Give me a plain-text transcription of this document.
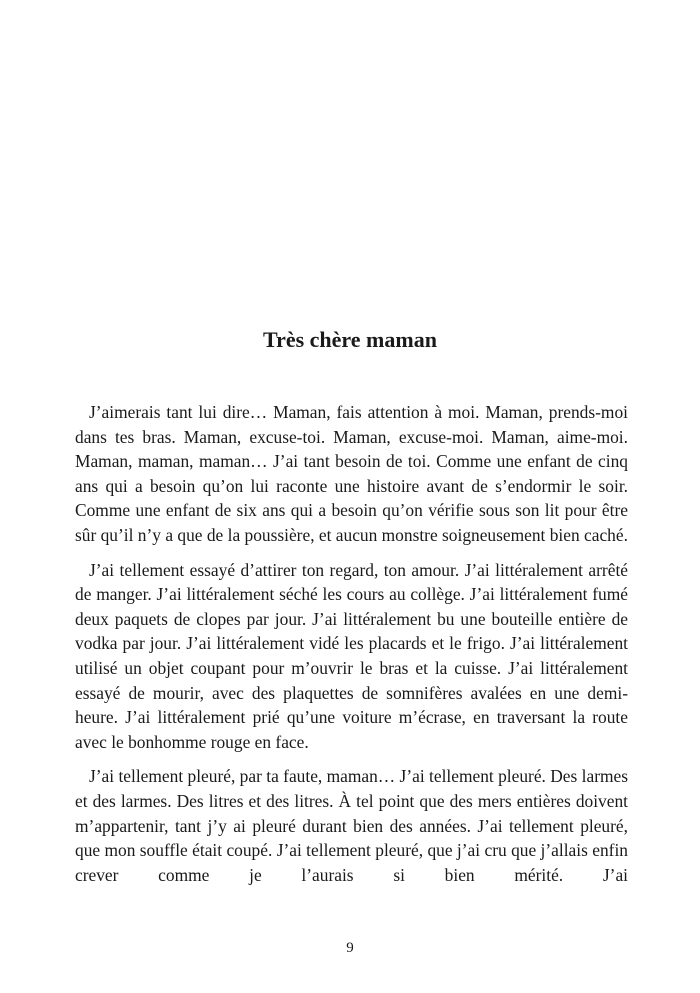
Très chère maman

J’aimerais tant lui dire… Maman, fais attention à moi. Maman, prends-moi dans tes bras. Maman, excuse-toi. Maman, excuse-moi. Maman, aime-moi. Maman, maman, maman… J’ai tant besoin de toi. Comme une enfant de cinq ans qui a besoin qu’on lui raconte une histoire avant de s’endormir le soir. Comme une enfant de six ans qui a besoin qu’on vérifie sous son lit pour être sûr qu’il n’y a que de la poussière, et aucun monstre soigneusement bien caché.

J’ai tellement essayé d’attirer ton regard, ton amour. J’ai littéralement arrêté de manger. J’ai littéralement séché les cours au collège. J’ai littéralement fumé deux paquets de clopes par jour. J’ai littéralement bu une bouteille entière de vodka par jour. J’ai littéralement vidé les placards et le frigo. J’ai littéralement utilisé un objet coupant pour m’ouvrir le bras et la cuisse. J’ai littéralement essayé de mourir, avec des plaquettes de somnifères avalées en une demi-heure. J’ai littéralement prié qu’une voiture m’écrase, en traversant la route avec le bonhomme rouge en face.

J’ai tellement pleuré, par ta faute, maman… J’ai tellement pleuré. Des larmes et des larmes. Des litres et des litres. À tel point que des mers entières doivent m’appartenir, tant j’y ai pleuré durant bien des années. J’ai tellement pleuré, que mon souffle était coupé. J’ai tellement pleuré, que j’ai cru que j’allais enfin crever comme je l’aurais si bien mérité. J’ai

9
